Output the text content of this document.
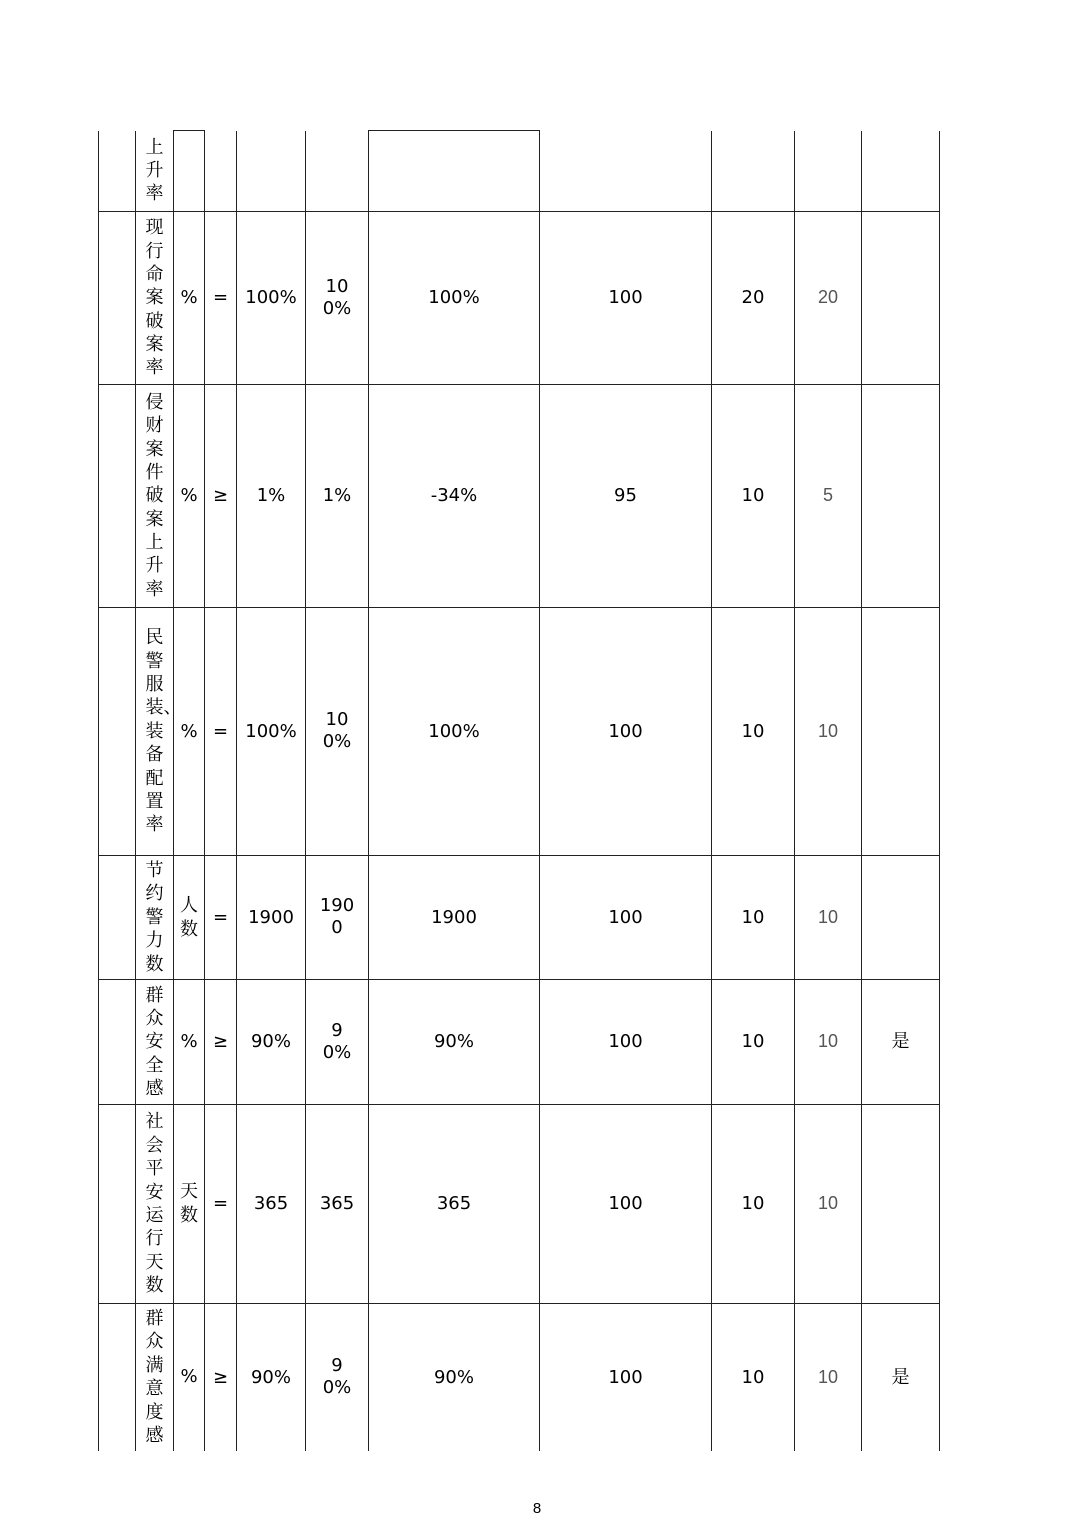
	上升率									

	现行命案破案率	%	=	100%	100%	100%	100	20	20	

	侵财案件破案上升率	%	≥	1%	1%	-34%	95	10	5	

	民警服装、装备配置率	%	=	100%	100%	100%	100	10	10	

	节约警力数	人数	=	1900	1900	1900	100	10	10	

	群众安全感	%	≥	90%	90%	90%	100	10	10	是

	社会平安运行天数	天数	=	365	365	365	100	10	10	

	群众满意度感	%	≥	90%	90%	90%	100	10	10	是
8
